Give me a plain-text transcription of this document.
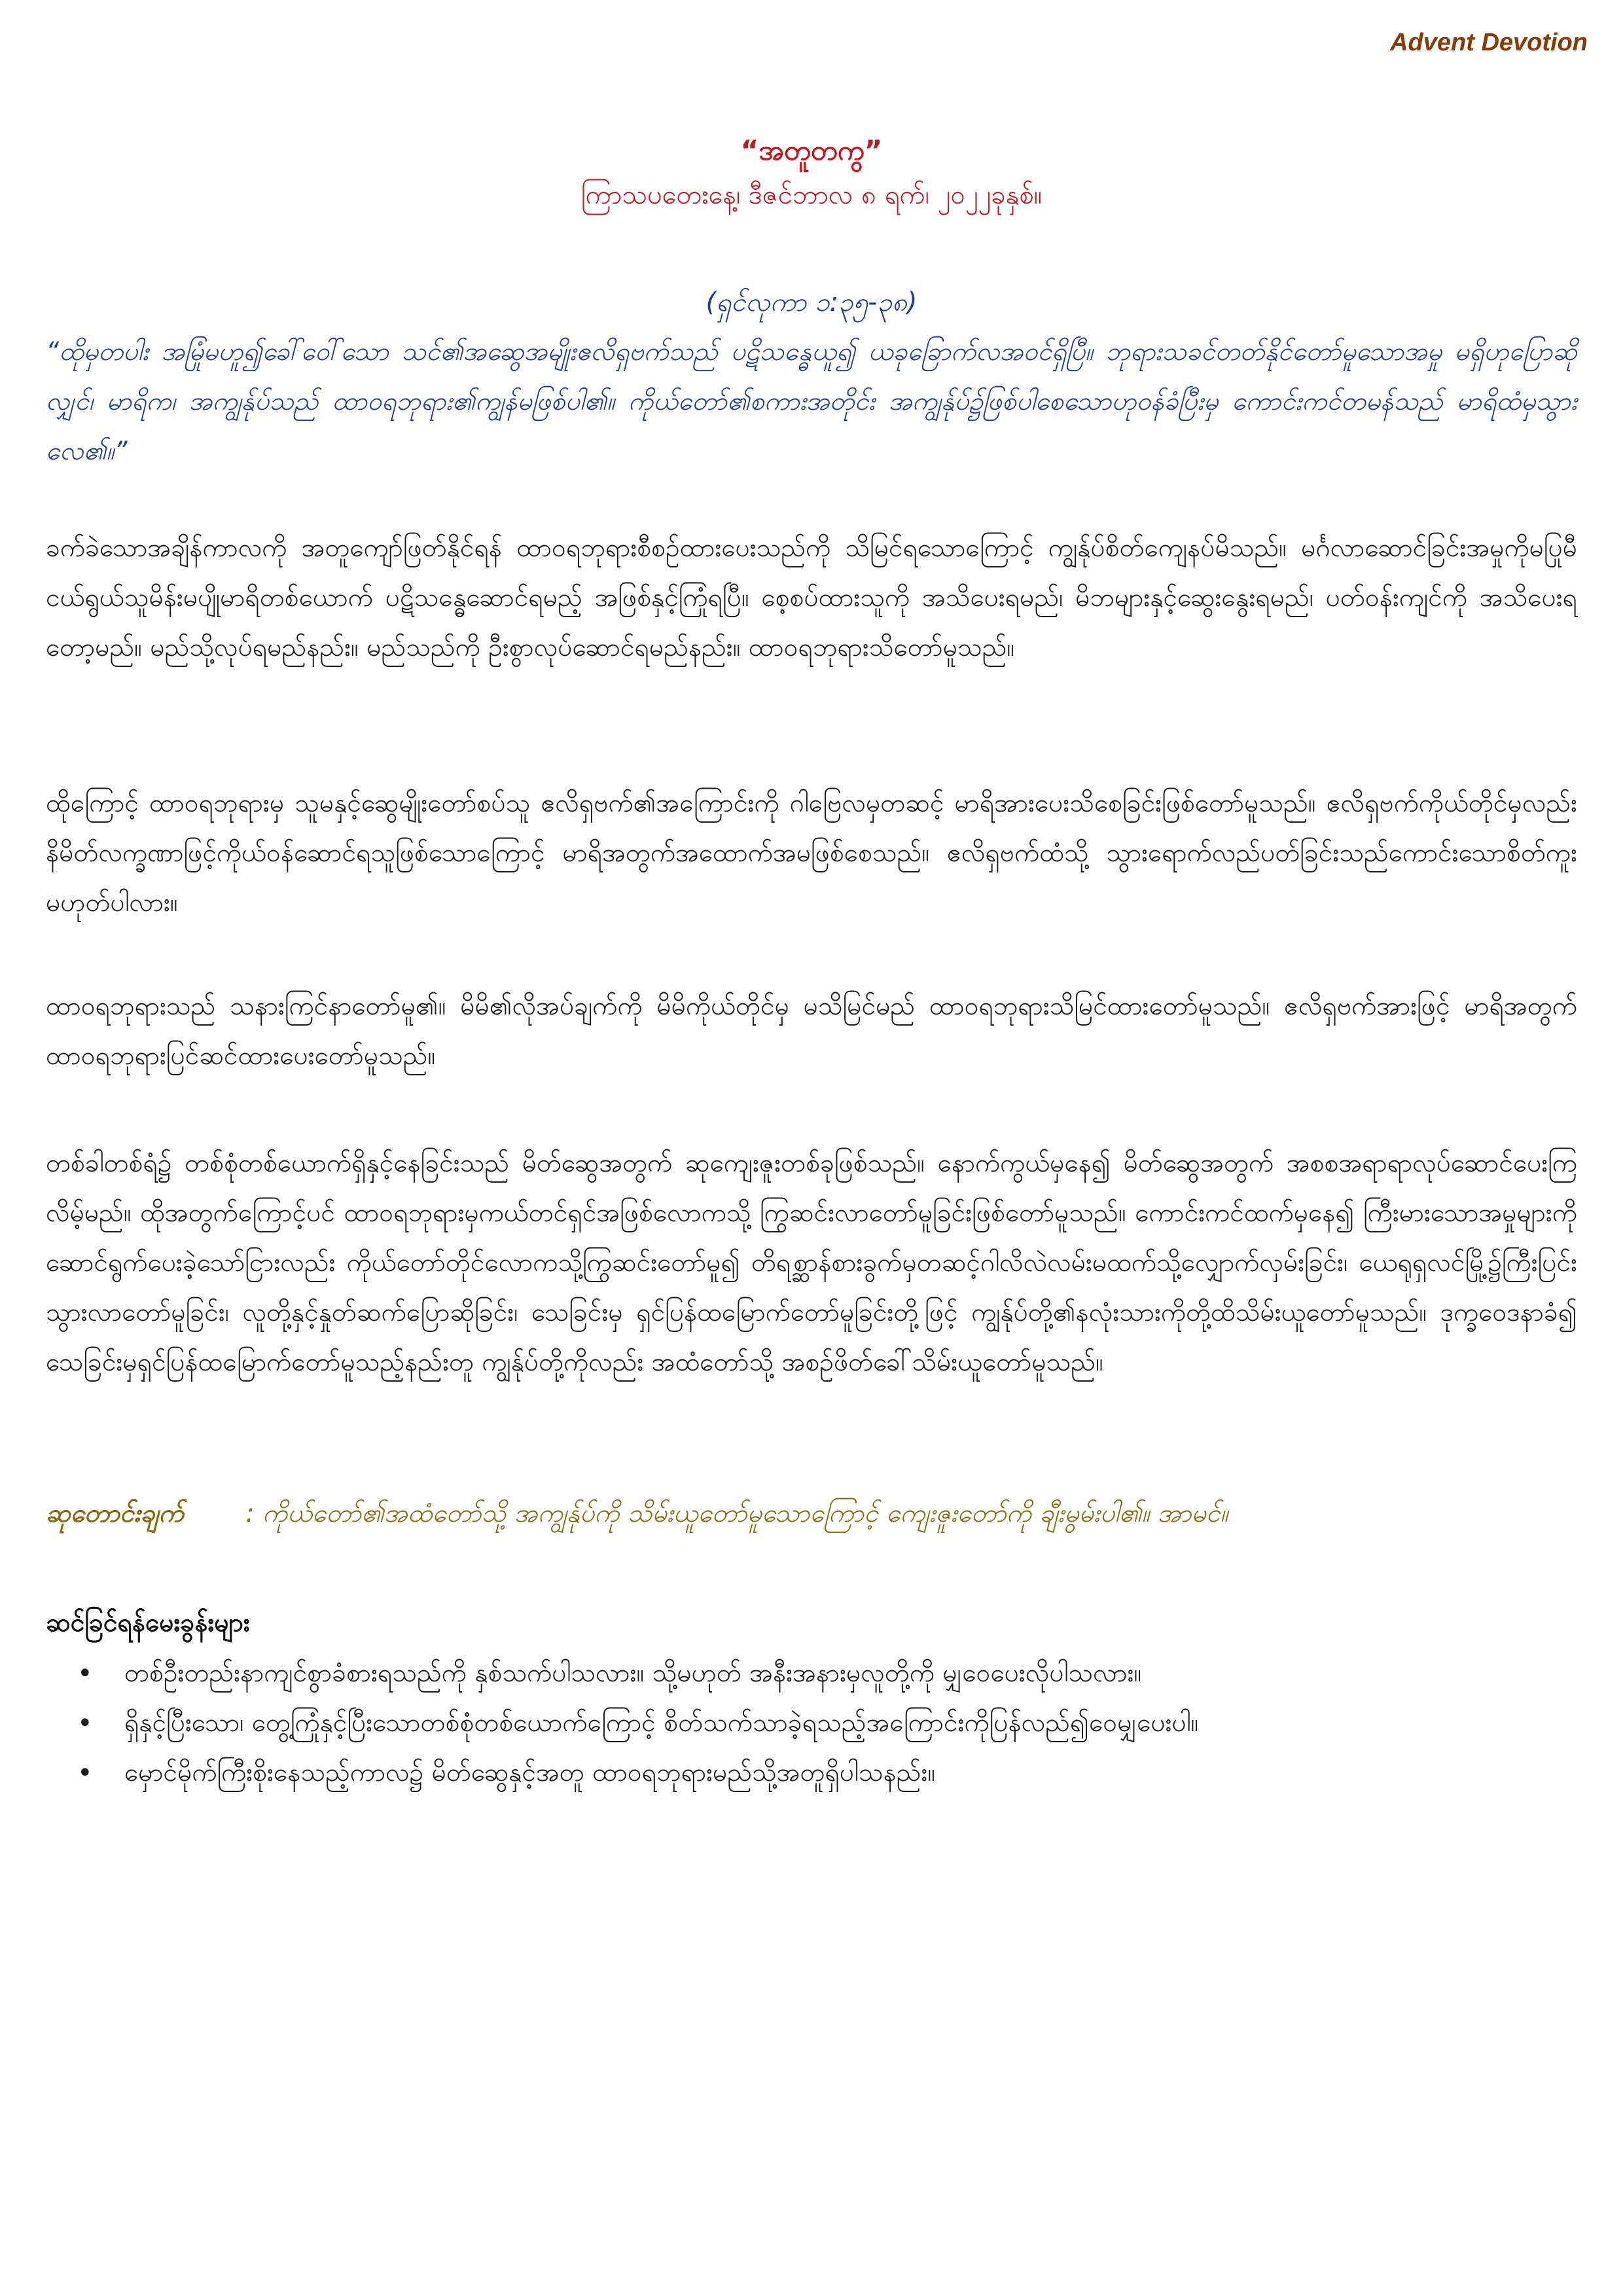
Advent Devotion
“အတူတကွ”
ကြာသပတေးနေ့၊ ဒီဇင်ဘာလ ၈ ရက်၊ ၂၀၂၂ခုနှစ်။
(ရှင်လုကာ ၁:၃၅-၃၈)
“ထိုမှတပါး အမြုံမဟူ၍ခေါ်ဝေါ်သော သင်၏အဆွေအမျိုးဧလိရှဗက်သည် ပဋိသန္ဓေယူ၍ ယခုခြောက်လအဝင်ရှိပြီ။ ဘုရားသခင်တတ်နိုင်တော်မူသောအမှု မရှိဟုပြောဆိုလျှင်၊ မာရိက၊ အကျွန်ုပ်သည် ထာဝရဘုရား၏ကျွန်မဖြစ်ပါ၏။ ကိုယ်တော်၏စကားအတိုင်း အကျွန်ုပ်၌ဖြစ်ပါစေသောဟုဝန်ခံပြီးမှ ကောင်းကင်တမန်သည် မာရိထံမှသွားလေ၏။”
ခက်ခဲသောအချိန်ကာလကို အတူကျော်ဖြတ်နိုင်ရန် ထာဝရဘုရားစီစဉ်ထားပေးသည်ကို သိမြင်ရသောကြောင့် ကျွန်ုပ်စိတ်ကျေနပ်မိသည်။ မင်္ဂလာဆောင်ခြင်းအမှုကိုမပြုမီ ငယ်ရွယ်သူမိန်းမပျိုမာရိတစ်ယောက် ပဋိသန္ဓေဆောင်ရမည့် အဖြစ်နှင့်ကြုံရပြီ။ စေ့စပ်ထားသူကို အသိပေးရမည်၊ မိဘများနှင့်ဆွေးနွေးရမည်၊ ပတ်ဝန်းကျင်ကို အသိပေးရတော့မည်။ မည်သို့လုပ်ရမည်နည်း။ မည်သည်ကို ဦးစွာလုပ်ဆောင်ရမည်နည်း။ ထာဝရဘုရားသိတော်မူသည်။
ထိုကြောင့် ထာဝရဘုရားမှ သူမနှင့်ဆွေမျိုးတော်စပ်သူ ဧလိရှဗက်၏အကြောင်းကို ဂါဗြေလမှတဆင့် မာရိအားပေးသိစေခြင်းဖြစ်တော်မူသည်။ ဧလိရှဗက်ကိုယ်တိုင်မှလည်း နိမိတ်လက္ခဏာဖြင့်ကိုယ်ဝန်ဆောင်ရသူဖြစ်သောကြောင့် မာရိအတွက်အထောက်အမဖြစ်စေသည်။ ဧလိရှဗက်ထံသို့ သွားရောက်လည်ပတ်ခြင်းသည်ကောင်းသောစိတ်ကူး မဟုတ်ပါလား။
ထာဝရဘုရားသည် သနားကြင်နာတော်မူ၏။ မိမိ၏လိုအပ်ချက်ကို မိမိကိုယ်တိုင်မှ မသိမြင်မည် ထာဝရဘုရားသိမြင်ထားတော်မူသည်။ ဧလိရှဗက်အားဖြင့် မာရိအတွက် ထာဝရဘုရားပြင်ဆင်ထားပေးတော်မူသည်။
တစ်ခါတစ်ရံ၌ တစ်စုံတစ်ယောက်ရှိနှင့်နေခြင်းသည် မိတ်ဆွေအတွက် ဆုကျေးဇူးတစ်ခုဖြစ်သည်။ နောက်ကွယ်မှနေ၍ မိတ်ဆွေအတွက် အစစအရာရာလုပ်ဆောင်ပေးကြလိမ့်မည်။ ထိုအတွက်ကြောင့်ပင် ထာဝရဘုရားမှကယ်တင်ရှင်အဖြစ်လောကသို့ ကြွဆင်းလာတော်မူခြင်းဖြစ်တော်မူသည်။ ကောင်းကင်ထက်မှနေ၍ ကြီးမားသောအမှုများကိုဆောင်ရွက်ပေးခဲ့သော်ငြားလည်း ကိုယ်တော်တိုင်လောကသို့ကြွဆင်းတော်မူ၍ တိရစ္ဆာန်စားခွက်မှတဆင့်ဂါလိလဲလမ်းမထက်သို့လျှောက်လှမ်းခြင်း၊ ယေရုရှလင်မြို့၌ကြီးပြင်းသွားလာတော်မူခြင်း၊ လူတို့နှင့်နှုတ်ဆက်ပြောဆိုခြင်း၊ သေခြင်းမှ ရှင်ပြန်ထမြောက်တော်မူခြင်းတို့ဖြင့် ကျွန်ုပ်တို့၏နလုံးသားကိုတို့ထိသိမ်းယူတော်မူသည်။ ဒုက္ခဝေဒနာခံ၍ သေခြင်းမှရှင်ပြန်ထမြောက်တော်မူသည့်နည်းတူ ကျွန်ုပ်တို့ကိုလည်း အထံတော်သို့ အစဉ်ဖိတ်ခေါ်သိမ်းယူတော်မူသည်။
ဆုတောင်းချက် : ကိုယ်တော်၏အထံတော်သို့ အကျွန်ုပ်ကို သိမ်းယူတော်မူသောကြောင့် ကျေးဇူးတော်ကို ချီးမွမ်းပါ၏။ အာမင်။
ဆင်ခြင်ရန်မေးခွန်းများ
• တစ်ဦးတည်းနာကျင်စွာခံစားရသည်ကို နှစ်သက်ပါသလား။ သို့မဟုတ် အနီးအနားမှလူတို့ကို မျှဝေပေးလိုပါသလား။
• ရှိနှင့်ပြီးသော၊ တွေ့ကြုံနှင့်ပြီးသောတစ်စုံတစ်ယောက်ကြောင့် စိတ်သက်သာခဲ့ရသည့်အကြောင်းကိုပြန်လည်၍ဝေမျှပေးပါ။
• မှောင်မိုက်ကြီးစိုးနေသည့်ကာလ၌ မိတ်ဆွေနှင့်အတူ ထာဝရဘုရားမည်သို့အတူရှိပါသနည်း။
